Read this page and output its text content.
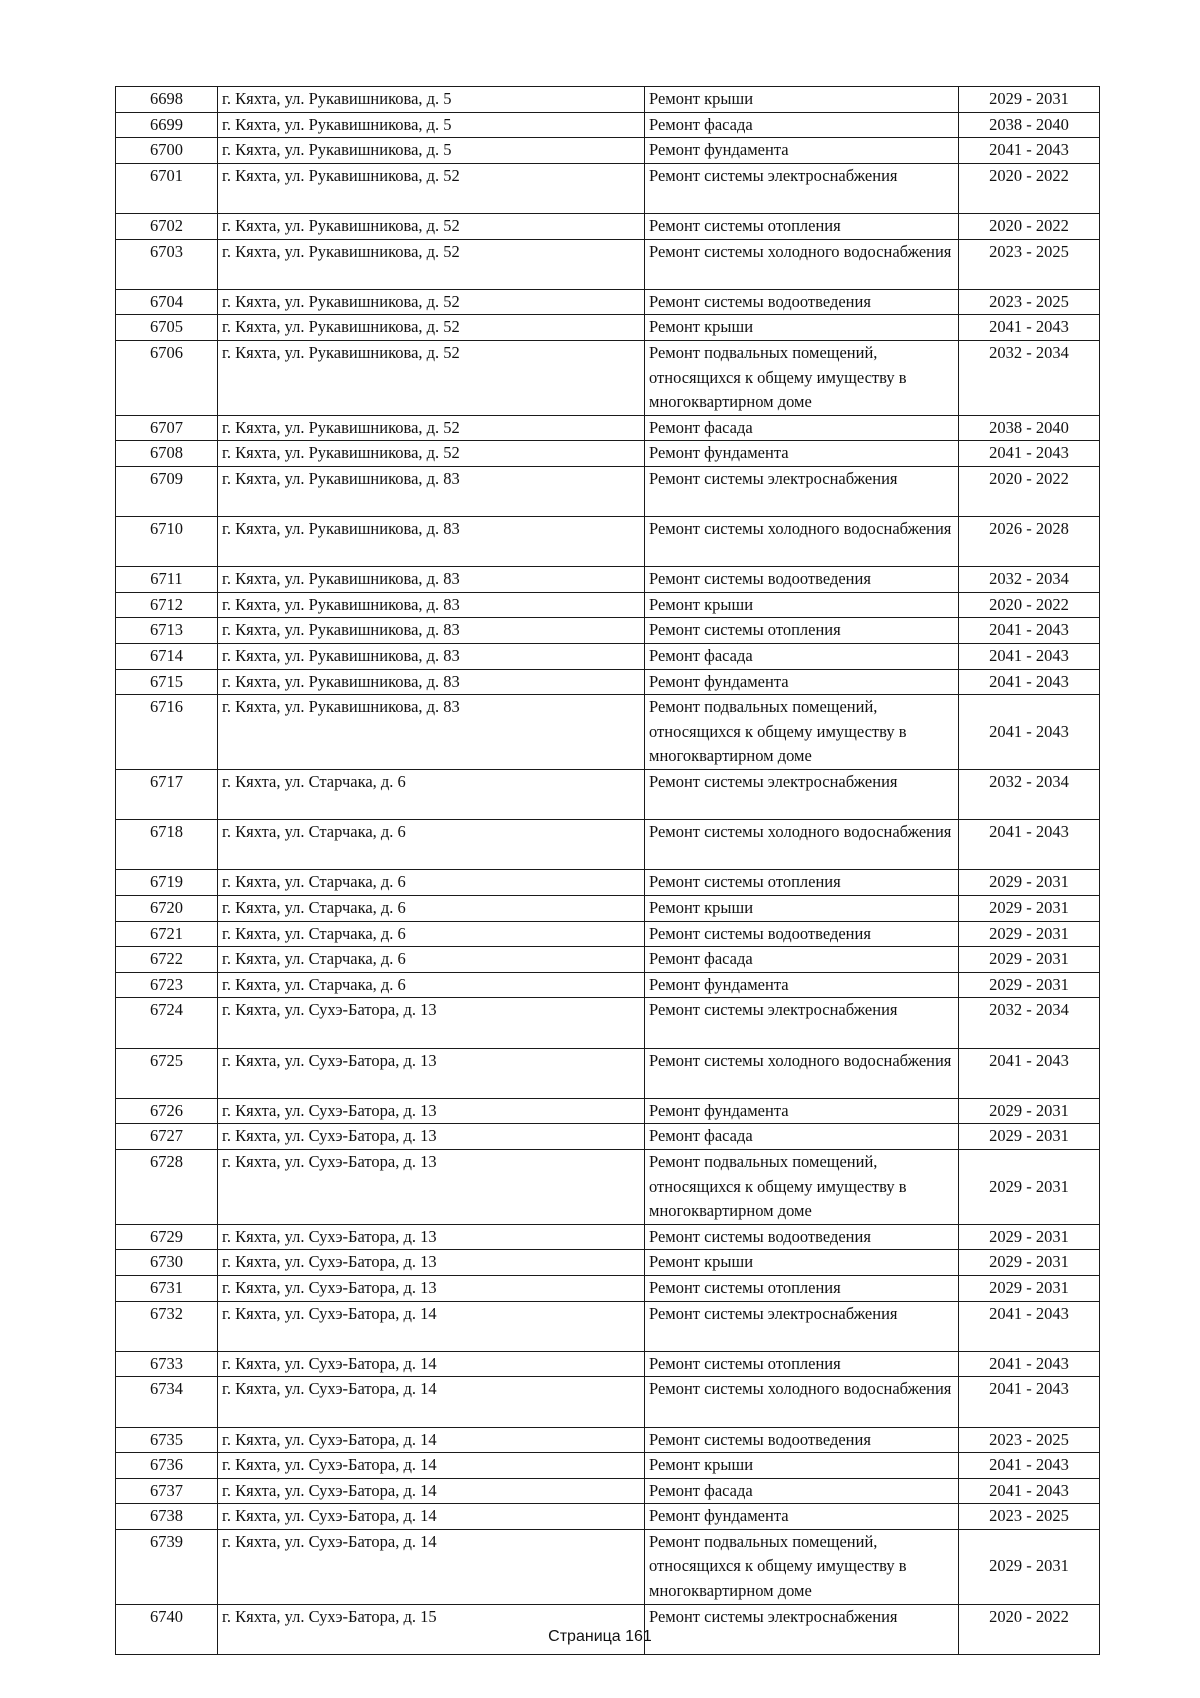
6698	г. Кяхта, ул. Рукавишникова, д. 5	Ремонт крыши	2029 - 2031
6699	г. Кяхта, ул. Рукавишникова, д. 5	Ремонт фасада	2038 - 2040
6700	г. Кяхта, ул. Рукавишникова, д. 5	Ремонт фундамента	2041 - 2043
6701	г. Кяхта, ул. Рукавишникова, д. 52	Ремонт системы электроснабжения	2020 - 2022
6702	г. Кяхта, ул. Рукавишникова, д. 52	Ремонт системы отопления	2020 - 2022
6703	г. Кяхта, ул. Рукавишникова, д. 52	Ремонт системы холодного водоснабжения	2023 - 2025
6704	г. Кяхта, ул. Рукавишникова, д. 52	Ремонт системы водоотведения	2023 - 2025
6705	г. Кяхта, ул. Рукавишникова, д. 52	Ремонт крыши	2041 - 2043
6706	г. Кяхта, ул. Рукавишникова, д. 52	Ремонт подвальных помещений, относящихся к общему имуществу в многоквартирном доме	2032 - 2034
6707	г. Кяхта, ул. Рукавишникова, д. 52	Ремонт фасада	2038 - 2040
6708	г. Кяхта, ул. Рукавишникова, д. 52	Ремонт фундамента	2041 - 2043
6709	г. Кяхта, ул. Рукавишникова, д. 83	Ремонт системы электроснабжения	2020 - 2022
6710	г. Кяхта, ул. Рукавишникова, д. 83	Ремонт системы холодного водоснабжения	2026 - 2028
6711	г. Кяхта, ул. Рукавишникова, д. 83	Ремонт системы водоотведения	2032 - 2034
6712	г. Кяхта, ул. Рукавишникова, д. 83	Ремонт крыши	2020 - 2022
6713	г. Кяхта, ул. Рукавишникова, д. 83	Ремонт системы отопления	2041 - 2043
6714	г. Кяхта, ул. Рукавишникова, д. 83	Ремонт фасада	2041 - 2043
6715	г. Кяхта, ул. Рукавишникова, д. 83	Ремонт фундамента	2041 - 2043
6716	г. Кяхта, ул. Рукавишникова, д. 83	Ремонт подвальных помещений, относящихся к общему имуществу в многоквартирном доме	2041 - 2043
6717	г. Кяхта, ул. Старчака, д. 6	Ремонт системы электроснабжения	2032 - 2034
6718	г. Кяхта, ул. Старчака, д. 6	Ремонт системы холодного водоснабжения	2041 - 2043
6719	г. Кяхта, ул. Старчака, д. 6	Ремонт системы отопления	2029 - 2031
6720	г. Кяхта, ул. Старчака, д. 6	Ремонт крыши	2029 - 2031
6721	г. Кяхта, ул. Старчака, д. 6	Ремонт системы водоотведения	2029 - 2031
6722	г. Кяхта, ул. Старчака, д. 6	Ремонт фасада	2029 - 2031
6723	г. Кяхта, ул. Старчака, д. 6	Ремонт фундамента	2029 - 2031
6724	г. Кяхта, ул. Сухэ-Батора, д. 13	Ремонт системы электроснабжения	2032 - 2034
6725	г. Кяхта, ул. Сухэ-Батора, д. 13	Ремонт системы холодного водоснабжения	2041 - 2043
6726	г. Кяхта, ул. Сухэ-Батора, д. 13	Ремонт фундамента	2029 - 2031
6727	г. Кяхта, ул. Сухэ-Батора, д. 13	Ремонт фасада	2029 - 2031
6728	г. Кяхта, ул. Сухэ-Батора, д. 13	Ремонт подвальных помещений, относящихся к общему имуществу в многоквартирном доме	2029 - 2031
6729	г. Кяхта, ул. Сухэ-Батора, д. 13	Ремонт системы водоотведения	2029 - 2031
6730	г. Кяхта, ул. Сухэ-Батора, д. 13	Ремонт крыши	2029 - 2031
6731	г. Кяхта, ул. Сухэ-Батора, д. 13	Ремонт системы отопления	2029 - 2031
6732	г. Кяхта, ул. Сухэ-Батора, д. 14	Ремонт системы электроснабжения	2041 - 2043
6733	г. Кяхта, ул. Сухэ-Батора, д. 14	Ремонт системы отопления	2041 - 2043
6734	г. Кяхта, ул. Сухэ-Батора, д. 14	Ремонт системы холодного водоснабжения	2041 - 2043
6735	г. Кяхта, ул. Сухэ-Батора, д. 14	Ремонт системы водоотведения	2023 - 2025
6736	г. Кяхта, ул. Сухэ-Батора, д. 14	Ремонт крыши	2041 - 2043
6737	г. Кяхта, ул. Сухэ-Батора, д. 14	Ремонт фасада	2041 - 2043
6738	г. Кяхта, ул. Сухэ-Батора, д. 14	Ремонт фундамента	2023 - 2025
6739	г. Кяхта, ул. Сухэ-Батора, д. 14	Ремонт подвальных помещений, относящихся к общему имуществу в многоквартирном доме	2029 - 2031
6740	г. Кяхта, ул. Сухэ-Батора, д. 15	Ремонт системы электроснабжения	2020 - 2022
Страница 161
